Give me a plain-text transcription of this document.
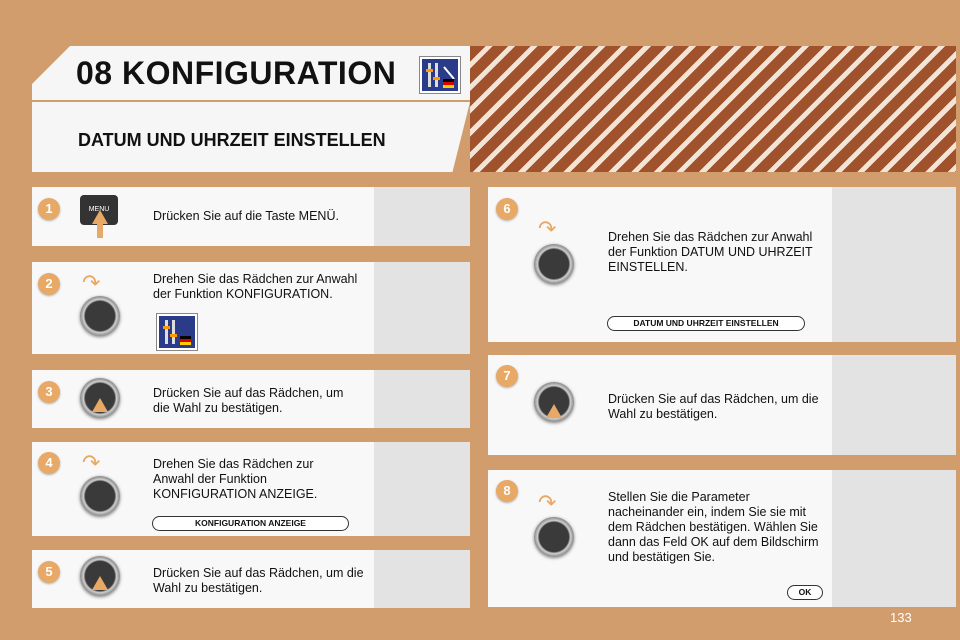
08 KONFIGURATION
DATUM UND UHRZEIT EINSTELLEN
1	MENU	Drücken Sie auf die Taste MENÜ.
2	↷	Drehen Sie das Rädchen zur Anwahl der Funktion KONFIGURATION.
3	Drücken Sie auf das Rädchen, um die Wahl zu bestätigen.
4	↷	Drehen Sie das Rädchen zur Anwahl der Funktion KONFIGURATION ANZEIGE.
KONFIGURATION ANZEIGE
5	Drücken Sie auf das Rädchen, um die Wahl zu bestätigen.
6
↷	Drehen Sie das Rädchen zur Anwahl der Funktion DATUM UND UHRZEIT EINSTELLEN.
DATUM UND UHRZEIT EINSTELLEN
7
Drücken Sie auf das Rädchen, um die Wahl zu bestätigen.
8	↷	Stellen Sie die Parameter nacheinander ein, indem Sie sie mit dem Rädchen bestätigen. Wählen Sie dann das Feld OK auf dem Bildschirm und bestätigen Sie.
OK
133
